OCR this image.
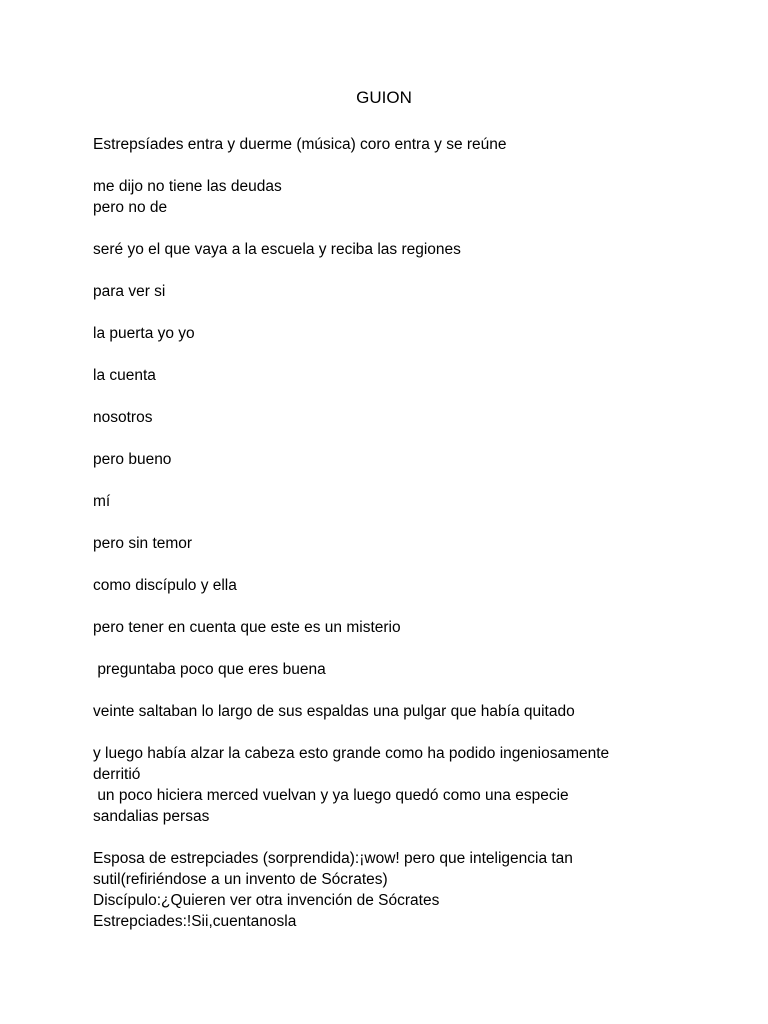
GUION
Estrepsíades entra y duerme (música) coro entra y se reúne
me dijo no tiene las deudas
pero no de
seré yo el que vaya a la escuela y reciba las regiones
para ver si
la puerta yo yo
la cuenta
nosotros
pero bueno
mí
pero sin temor
como discípulo y ella
pero tener en cuenta que este es un misterio
preguntaba poco que eres buena
veinte saltaban lo largo de sus espaldas una pulgar que había quitado
y luego había alzar la cabeza esto grande como ha podido ingeniosamente
derritió
un poco hiciera merced vuelvan y ya luego quedó como una especie
sandalias persas
Esposa de estrepciades (sorprendida):¡wow! pero que inteligencia tan
sutil(refiriéndose a un invento de Sócrates)
Discípulo:¿Quieren ver otra invención de Sócrates
Estrepciades:!Sii,cuentanosla
